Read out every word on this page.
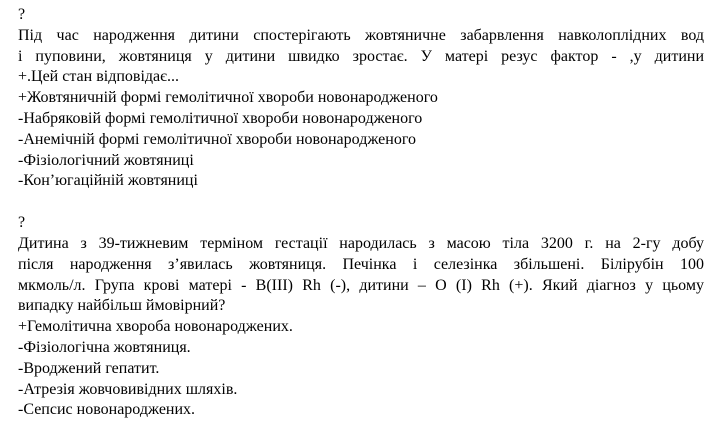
?
Під час народження дитини спостерігають жовтяничне забарвлення навколоплідних вод
і пуповини, жовтяниця у дитини швидко зростає. У матері резус фактор - ,у дитини
+.Цей стан відповідає...
+Жовтяничній формі гемолітичної хвороби новонародженого
-Набряковій формі гемолітичної хвороби новонародженого
-Анемічній формі гемолітичної хвороби новонародженого
-Фізіологічний жовтяниці
-Кон’югаційній жовтяниці
?
Дитина з 39-тижневим терміном гестації народилась з масою тіла 3200 г. на 2-гу добу
після народження з’явилась жовтяниця. Печінка і селезінка збільшені. Білірубін 100
мкмоль/л. Група крові матері - В(ІІІ) Rh (-), дитини – О (І) Rh (+). Який діагноз у цьому
випадку найбільш ймовірний?
+Гемолітична хвороба новонароджених.
-Фізіологічна жовтяниця.
-Вроджений гепатит.
-Атрезія жовчовивідних шляхів.
-Сепсис новонароджених.
